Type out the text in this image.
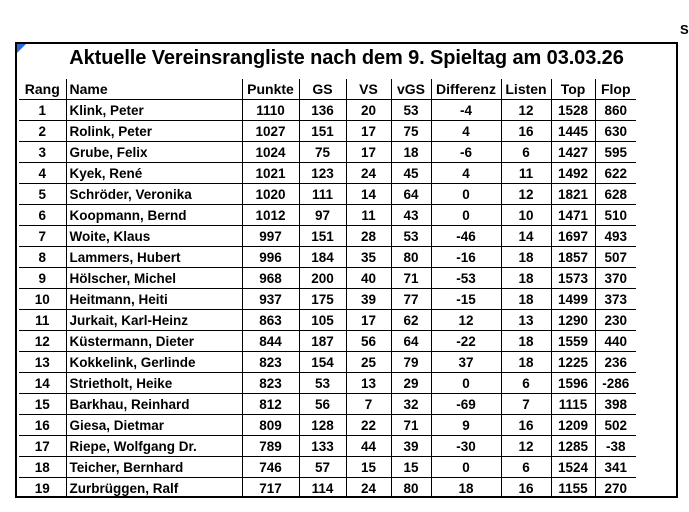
S
Aktuelle Vereinsrangliste nach dem 9. Spieltag am 03.03.26
Rang	Name	Punkte	GS	VS	vGS	Differenz	Listen	Top	Flop
1	Klink, Peter	1110	136	20	53	-4	12	1528	860
2	Rolink, Peter	1027	151	17	75	4	16	1445	630
3	Grube, Felix	1024	75	17	18	-6	6	1427	595
4	Kyek, René	1021	123	24	45	4	11	1492	622
5	Schröder, Veronika	1020	111	14	64	0	12	1821	628
6	Koopmann, Bernd	1012	97	11	43	0	10	1471	510
7	Woite, Klaus	997	151	28	53	-46	14	1697	493
8	Lammers, Hubert	996	184	35	80	-16	18	1857	507
9	Hölscher, Michel	968	200	40	71	-53	18	1573	370
10	Heitmann, Heiti	937	175	39	77	-15	18	1499	373
11	Jurkait, Karl-Heinz	863	105	17	62	12	13	1290	230
12	Küstermann, Dieter	844	187	56	64	-22	18	1559	440
13	Kokkelink, Gerlinde	823	154	25	79	37	18	1225	236
14	Strietholt, Heike	823	53	13	29	0	6	1596	-286
15	Barkhau, Reinhard	812	56	7	32	-69	7	1115	398
16	Giesa, Dietmar	809	128	22	71	9	16	1209	502
17	Riepe, Wolfgang Dr.	789	133	44	39	-30	12	1285	-38
18	Teicher, Bernhard	746	57	15	15	0	6	1524	341
19	Zurbrüggen, Ralf	717	114	24	80	18	16	1155	270
